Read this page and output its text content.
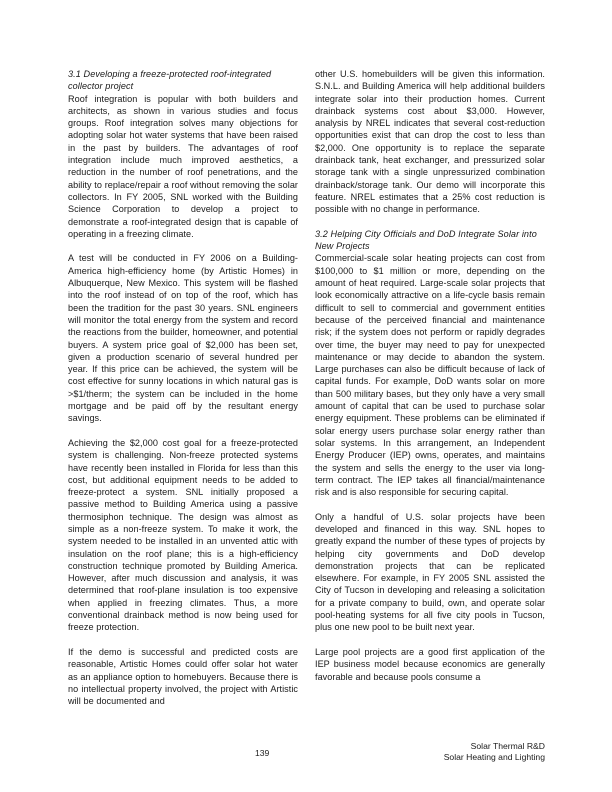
3.1 Developing a freeze-protected roof-integrated collector project

Roof integration is popular with both builders and architects, as shown in various studies and focus groups. Roof integration solves many objections for adopting solar hot water systems that have been raised in the past by builders. The advantages of roof integration include much improved aesthetics, a reduction in the number of roof penetrations, and the ability to replace/repair a roof without removing the solar collectors. In FY 2005, SNL worked with the Building Science Corporation to develop a project to demonstrate a roof-integrated design that is capable of operating in a freezing climate.

A test will be conducted in FY 2006 on a Building-America high-efficiency home (by Artistic Homes) in Albuquerque, New Mexico. This system will be flashed into the roof instead of on top of the roof, which has been the tradition for the past 30 years. SNL engineers will monitor the total energy from the system and record the reactions from the builder, homeowner, and potential buyers. A system price goal of $2,000 has been set, given a production scenario of several hundred per year. If this price can be achieved, the system will be cost effective for sunny locations in which natural gas is >$1/therm; the system can be included in the home mortgage and be paid off by the resultant energy savings.

Achieving the $2,000 cost goal for a freeze-protected system is challenging. Non-freeze protected systems have recently been installed in Florida for less than this cost, but additional equipment needs to be added to freeze-protect a system. SNL initially proposed a passive method to Building America using a passive thermosiphon technique. The design was almost as simple as a non-freeze system. To make it work, the system needed to be installed in an unvented attic with insulation on the roof plane; this is a high-efficiency construction technique promoted by Building America. However, after much discussion and analysis, it was determined that roof-plane insulation is too expensive when applied in freezing climates. Thus, a more conventional drainback method is now being used for freeze protection.

If the demo is successful and predicted costs are reasonable, Artistic Homes could offer solar hot water as an appliance option to homebuyers. Because there is no intellectual property involved, the project with Artistic will be documented and

other U.S. homebuilders will be given this information. S.N.L. and Building America will help additional builders integrate solar into their production homes. Current drainback systems cost about $3,000. However, analysis by NREL indicates that several cost-reduction opportunities exist that can drop the cost to less than $2,000. One opportunity is to replace the separate drainback tank, heat exchanger, and pressurized solar storage tank with a single unpressurized combination drainback/storage tank. Our demo will incorporate this feature. NREL estimates that a 25% cost reduction is possible with no change in performance.

3.2 Helping City Officials and DoD Integrate Solar into New Projects

Commercial-scale solar heating projects can cost from $100,000 to $1 million or more, depending on the amount of heat required. Large-scale solar projects that look economically attractive on a life-cycle basis remain difficult to sell to commercial and government entities because of the perceived financial and maintenance risk; if the system does not perform or rapidly degrades over time, the buyer may need to pay for unexpected maintenance or may decide to abandon the system. Large purchases can also be difficult because of lack of capital funds. For example, DoD wants solar on more than 500 military bases, but they only have a very small amount of capital that can be used to purchase solar energy equipment. These problems can be eliminated if solar energy users purchase solar energy rather than solar systems. In this arrangement, an Independent Energy Producer (IEP) owns, operates, and maintains the system and sells the energy to the user via long-term contract. The IEP takes all financial/maintenance risk and is also responsible for securing capital.

Only a handful of U.S. solar projects have been developed and financed in this way. SNL hopes to greatly expand the number of these types of projects by helping city governments and DoD develop demonstration projects that can be replicated elsewhere. For example, in FY 2005 SNL assisted the City of Tucson in developing and releasing a solicitation for a private company to build, own, and operate solar pool-heating systems for all five city pools in Tucson, plus one new pool to be built next year.

Large pool projects are a good first application of the IEP business model because economics are generally favorable and because pools consume a

139
Solar Thermal R&D
Solar Heating and Lighting
